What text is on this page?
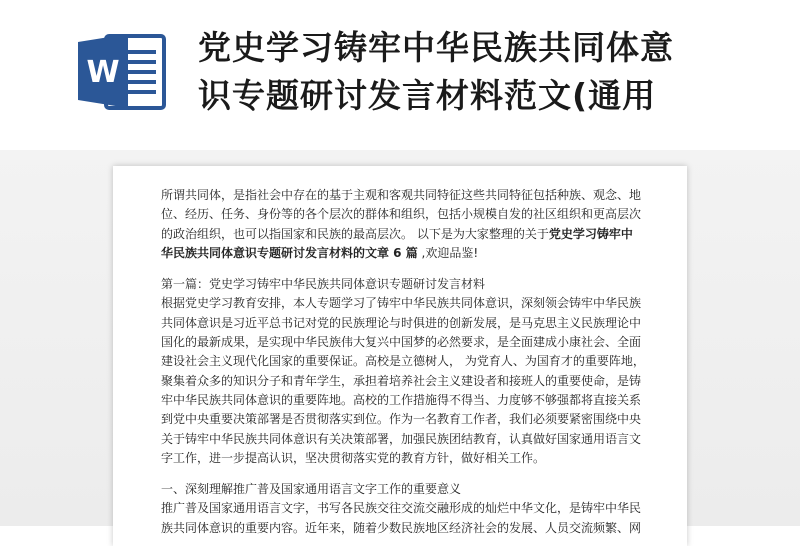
W
党史学习铸牢中华民族共同体意
识专题研讨发言材料范文(通用
所谓共同体，是指社会中存在的基于主观和客观共同特征这些共同特征包括种族、观念、地
位、经历、任务、身份等的各个层次的群体和组织，包括小规模自发的社区组织和更高层次
的政治组织，也可以指国家和民族的最高层次。 以下是为大家整理的关于党史学习铸牢中
华民族共同体意识专题研讨发言材料的文章 6 篇 ,欢迎品鉴!
第一篇：党史学习铸牢中华民族共同体意识专题研讨发言材料
根据党史学习教育安排，本人专题学习了铸牢中华民族共同体意识，深刻领会铸牢中华民族
共同体意识是习近平总书记对党的民族理论与时俱进的创新发展，是马克思主义民族理论中
国化的最新成果，是实现中华民族伟大复兴中国梦的必然要求，是全面建成小康社会、全面
建设社会主义现代化国家的重要保证。高校是立德树人， 为党育人、为国育才的重要阵地，
聚集着众多的知识分子和青年学生，承担着培养社会主义建设者和接班人的重要使命，是铸
牢中华民族共同体意识的重要阵地。高校的工作措施得不得当、力度够不够强都将直接关系
到党中央重要决策部署是否贯彻落实到位。作为一名教育工作者，我们必须要紧密围绕中央
关于铸牢中华民族共同体意识有关决策部署，加强民族团结教育，认真做好国家通用语言文
字工作，进一步提高认识，坚决贯彻落实党的教育方针，做好相关工作。
一、深刻理解推广普及国家通用语言文字工作的重要意义
推广普及国家通用语言文字，书写各民族交往交流交融形成的灿烂中华文化，是铸牢中华民
族共同体意识的重要内容。近年来，随着少数民族地区经济社会的发展、人员交流频繁、网
